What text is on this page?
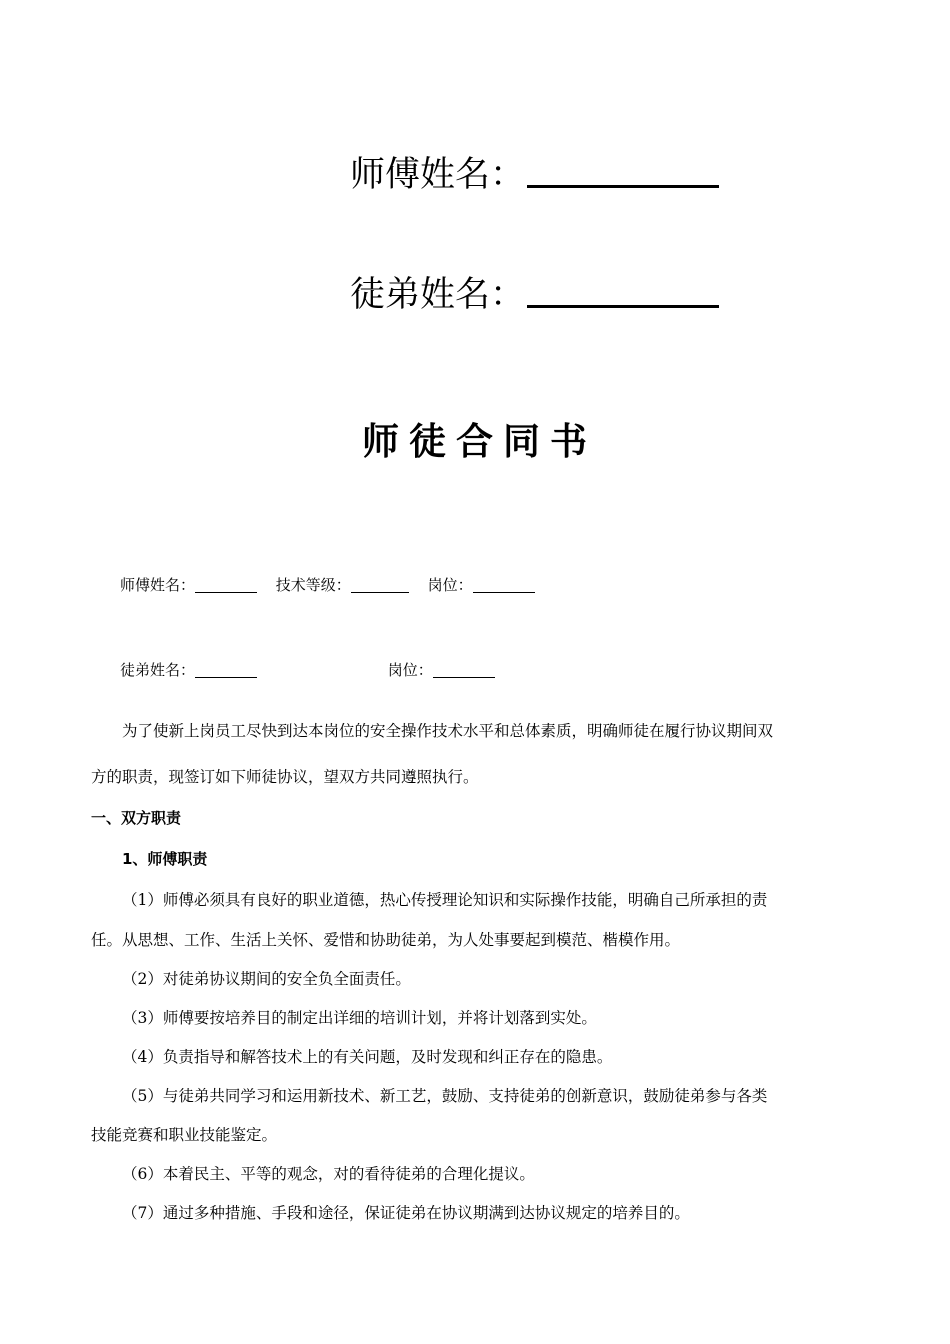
师傅姓名：
徒弟姓名：
师徒合同书
师傅姓名：	技术等级：	岗位：
徒弟姓名：	岗位：
为了使新上岗员工尽快到达本岗位的安全操作技术水平和总体素质，明确师徒在履行协议期间双
方的职责，现签订如下师徒协议，望双方共同遵照执行。
一、双方职责
1、师傅职责
（1）师傅必须具有良好的职业道德，热心传授理论知识和实际操作技能，明确自己所承担的责
任。从思想、工作、生活上关怀、爱惜和协助徒弟，为人处事要起到模范、楷模作用。
（2）对徒弟协议期间的安全负全面责任。
（3）师傅要按培养目的制定出详细的培训计划，并将计划落到实处。
（4）负责指导和解答技术上的有关问题，及时发现和纠正存在的隐患。
（5）与徒弟共同学习和运用新技术、新工艺，鼓励、支持徒弟的创新意识，鼓励徒弟参与各类
技能竞赛和职业技能鉴定。
（6）本着民主、平等的观念，对的看待徒弟的合理化提议。
（7）通过多种措施、手段和途径，保证徒弟在协议期满到达协议规定的培养目的。
